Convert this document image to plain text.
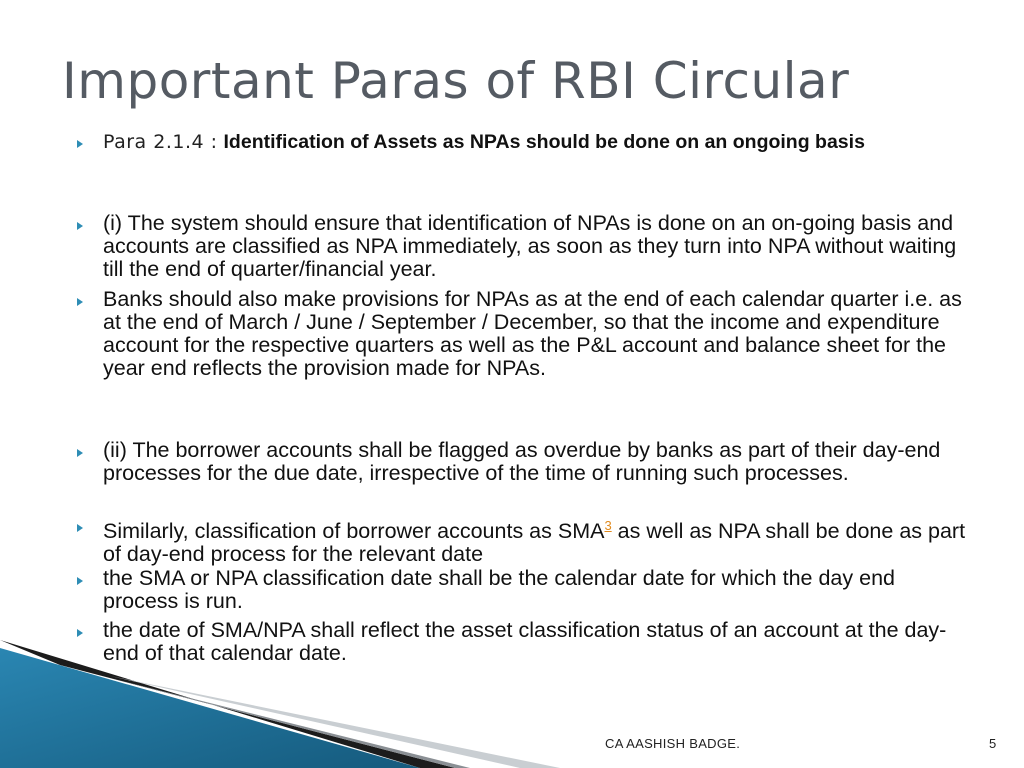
Important Paras of RBI Circular
Para 2.1.4 : Identification of Assets as NPAs should be done on an ongoing basis
(i) The system should ensure that identification of NPAs is done on an on-going basis and accounts are classified as NPA immediately, as soon as they turn into NPA without waiting till the end of quarter/financial year.
Banks should also make provisions for NPAs as at the end of each calendar quarter i.e. as at the end of March / June / September / December, so that the income and expenditure account for the respective quarters as well as the P&L account and balance sheet for the year end reflects the provision made for NPAs.
(ii) The borrower accounts shall be flagged as overdue by banks as part of their day-end processes for the due date, irrespective of the time of running such processes.
Similarly, classification of borrower accounts as SMA$^3$ as well as NPA shall be done as part of day-end process for the relevant date
the SMA or NPA classification date shall be the calendar date for which the day end process is run.
the date of SMA/NPA shall reflect the asset classification status of an account at the day-end of that calendar date.
CA AASHISH BADGE.	5
